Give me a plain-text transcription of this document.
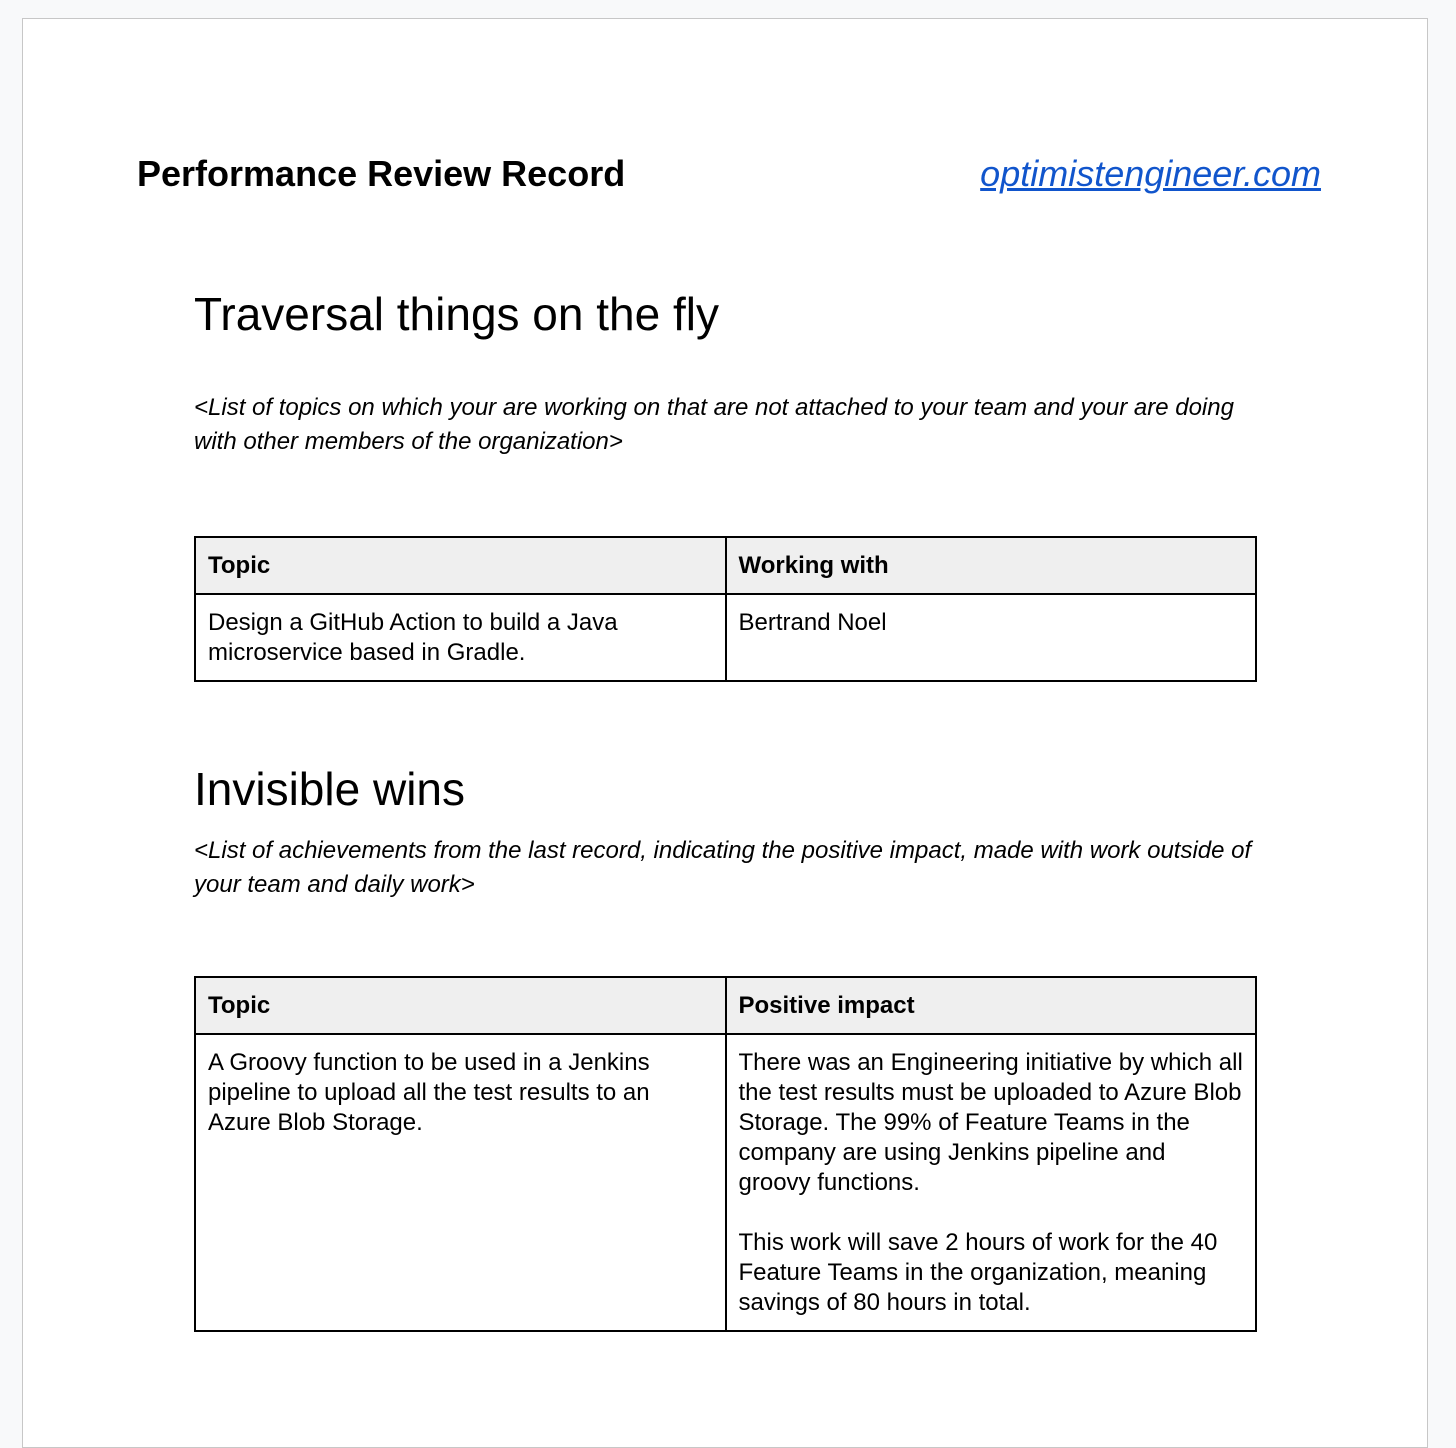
Performance Review Record	optimistengineer.com
Traversal things on the fly

<List of topics on which your are working on that are not attached to your team and your are doing with other members of the organization>

Topic	Working with
Design a GitHub Action to build a Java microservice based in Gradle.	Bertrand Noel
Invisible wins

<List of achievements from the last record, indicating the positive impact, made with work outside of your team and daily work>

Topic	Positive impact
A Groovy function to be used in a Jenkins pipeline to upload all the test results to an Azure Blob Storage.	There was an Engineering initiative by which all the test results must be uploaded to Azure Blob Storage. The 99% of Feature Teams in the company are using Jenkins pipeline and groovy functions.

This work will save 2 hours of work for the 40 Feature Teams in the organization, meaning savings of 80 hours in total.
